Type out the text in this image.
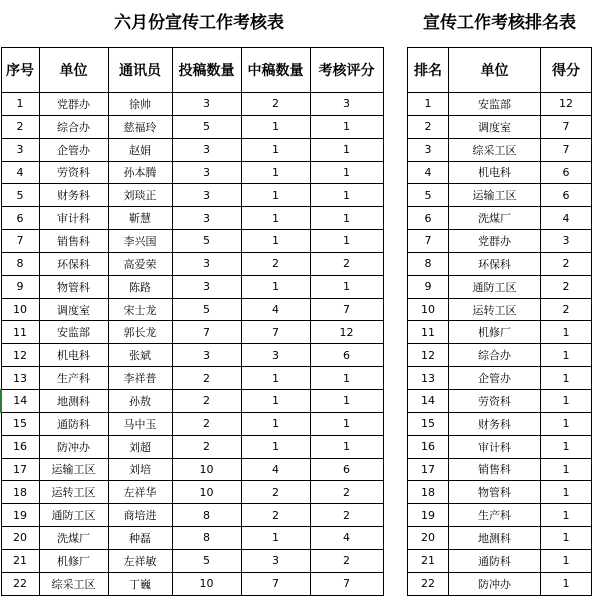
六月份宣传工作考核表	宣传工作考核排名表
序号	单位	通讯员	投稿数量	中稿数量	考核评分
1	党群办	徐帅	3	2	3
2	综合办	慈福玲	5	1	1
3	企管办	赵娟	3	1	1
4	劳资科	孙本腾	3	1	1
5	财务科	刘琰正	3	1	1
6	审计科	靳慧	3	1	1
7	销售科	李兴国	5	1	1
8	环保科	高爱荣	3	2	2
9	物管科	陈路	3	1	1
10	调度室	宋士龙	5	4	7
11	安监部	郭长龙	7	7	12
12	机电科	张斌	3	3	6
13	生产科	李祥普	2	1	1
14	地测科	孙敖	2	1	1
15	通防科	马中玉	2	1	1
16	防冲办	刘超	2	1	1
17	运输工区	刘培	10	4	6
18	运转工区	左祥华	10	2	2
19	通防工区	商培进	8	2	2
20	洗煤厂	种磊	8	1	4
21	机修厂	左祥敏	5	3	2
22	综采工区	丁巍	10	7	7
排名	单位	得分
1	安监部	12
2	调度室	7
3	综采工区	7
4	机电科	6
5	运输工区	6
6	洗煤厂	4
7	党群办	3
8	环保科	2
9	通防工区	2
10	运转工区	2
11	机修厂	1
12	综合办	1
13	企管办	1
14	劳资科	1
15	财务科	1
16	审计科	1
17	销售科	1
18	物管科	1
19	生产科	1
20	地测科	1
21	通防科	1
22	防冲办	1
